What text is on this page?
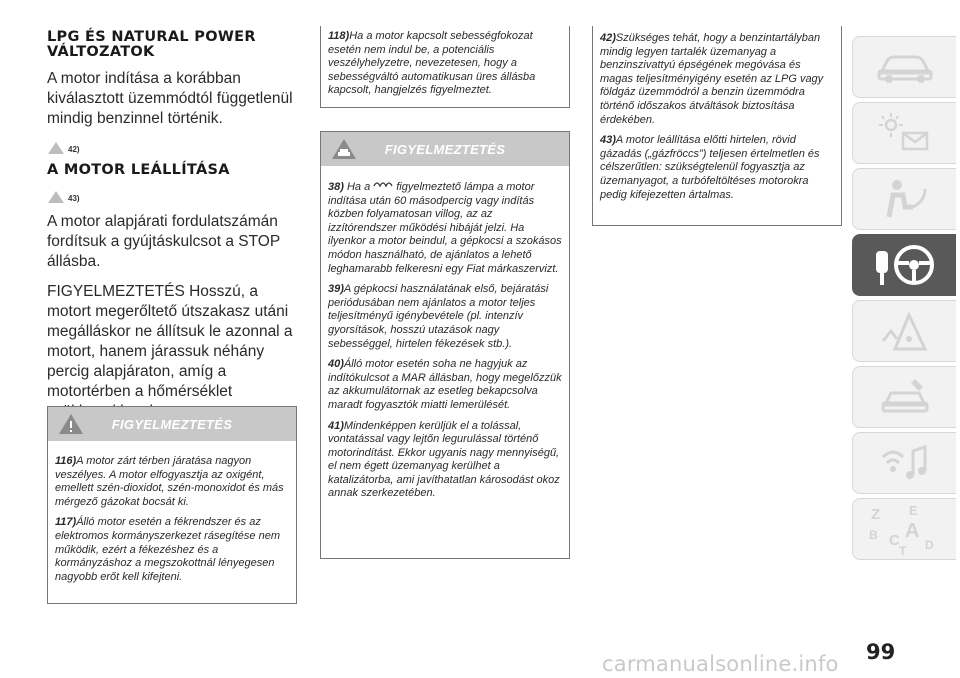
LPG ÉS NATURAL POWER VÁLTOZATOK
A motor indítása a korábban kiválasztott üzemmódtól függetlenül mindig benzinnel történik.
42)
A MOTOR LEÁLLÍTÁSA
43)
A motor alapjárati fordulatszámán fordítsuk a gyújtáskulcsot a STOP állásba.
FIGYELMEZTETÉS Hosszú, a motort megerőltető útszakasz utáni megálláskor ne állítsuk le azonnal a motort, hanem járassuk néhány percig alapjáraton, amíg a motortérben a hőmérséklet
FIGYELMEZTETÉS
116)A motor zárt térben járatása nagyon veszélyes. A motor elfogyasztja az oxigént, emellett szén-dioxidot, szén-monoxidot és más mérgező gázokat bocsát ki.
117)Álló motor esetén a fékrendszer és az elektromos kormányszerkezet rásegítése nem működik, ezért a fékezéshez és a kormányzáshoz a megszokottnál lényegesen nagyobb erőt kell kifejteni.
118)Ha a motor kapcsolt sebességfokozat esetén nem indul be, a potenciális veszélyhelyzetre, nevezetesen, hogy a sebességváltó automatikusan üres állásba kapcsolt, hangjelzés figyelmeztet.
FIGYELMEZTETÉS
38) Ha a figyelmeztető lámpa a motor indítása után 60 másodpercig vagy indítás közben folyamatosan villog, az az izzítórendszer működési hibáját jelzi. Ha ilyenkor a motor beindul, a gépkocsi a szokásos módon használható, de ajánlatos a lehető leghamarabb felkeresni egy Fiat márkaszervizt.
39)A gépkocsi használatának első, bejáratási periódusában nem ajánlatos a motor teljes teljesítményű igénybevétele (pl. intenzív gyorsítások, hosszú utazások nagy sebességgel, hirtelen fékezések stb.).
40)Álló motor esetén soha ne hagyjuk az indítókulcsot a MAR állásban, hogy megelőzzük az akkumulátornak az esetleg bekapcsolva maradt fogyasztók miatti lemerülését.
41)Mindenképpen kerüljük el a tolással, vontatással vagy lejtőn legurulással történő motorindítást. Ekkor ugyanis nagy mennyiségű, el nem égett üzemanyag kerülhet a katalizátorba, ami javíthatatlan károsodást okoz annak szerkezetében.
42)Szükséges tehát, hogy a benzintartályban mindig legyen tartalék üzemanyag a benzinszivattyú épségének megóvása és magas teljesítményigény esetén az LPG vagy földgáz üzemmódról a benzin üzemmódra történő időszakos átváltások biztosítása érdekében.
43)A motor leállítása előtti hirtelen, rövid gázadás („gázfröccs”) teljesen értelmetlen és célszerűtlen: szükségtelenül fogyasztja az üzemanyagot, a turbófeltöltéses motorokra pedig kifejezetten ártalmas.
Z E
B C A
D
T
99
carmanualsonline.info
